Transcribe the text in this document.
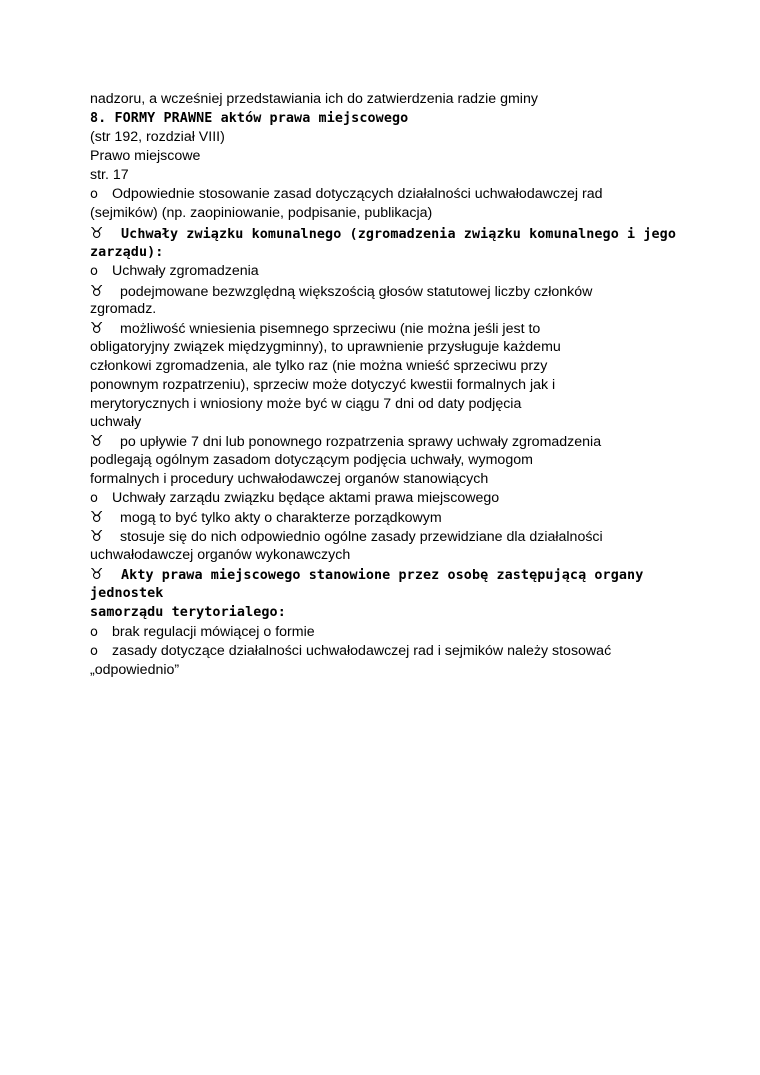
nadzoru, a wcześniej przedstawiania ich do zatwierdzenia radzie gminy
8. FORMY PRAWNE aktów prawa miejscowego
(str 192, rozdział VIII)
Prawo miejscowe
str. 17
o Odpowiednie stosowanie zasad dotyczących działalności uchwałodawczej rad
(sejmików) (np. zaopiniowanie, podpisanie, publikacja)
♉ Uchwały związku komunalnego (zgromadzenia związku komunalnego i jego
zarządu):
o Uchwały zgromadzenia
♉ podejmowane bezwzględną większością głosów statutowej liczby członków
zgromadz.
♉ możliwość wniesienia pisemnego sprzeciwu (nie można jeśli jest to
obligatoryjny związek międzygminny), to uprawnienie przysługuje każdemu
członkowi zgromadzenia, ale tylko raz (nie można wnieść sprzeciwu przy
ponownym rozpatrzeniu), sprzeciw może dotyczyć kwestii formalnych jak i
merytorycznych i wniosiony może być w ciągu 7 dni od daty podjęcia
uchwały
♉ po upływie 7 dni lub ponownego rozpatrzenia sprawy uchwały zgromadzenia
podlegają ogólnym zasadom dotyczącym podjęcia uchwały, wymogom
formalnych i procedury uchwałodawczej organów stanowiących
o Uchwały zarządu związku będące aktami prawa miejscowego
♉ mogą to być tylko akty o charakterze porządkowym
♉ stosuje się do nich odpowiednio ogólne zasady przewidziane dla działalności
uchwałodawczej organów wykonawczych
♉ Akty prawa miejscowego stanowione przez osobę zastępującą organy
jednostek
samorządu terytorialego:
o brak regulacji mówiącej o formie
o zasady dotyczące działalności uchwałodawczej rad i sejmików należy stosować
„odpowiednio”
